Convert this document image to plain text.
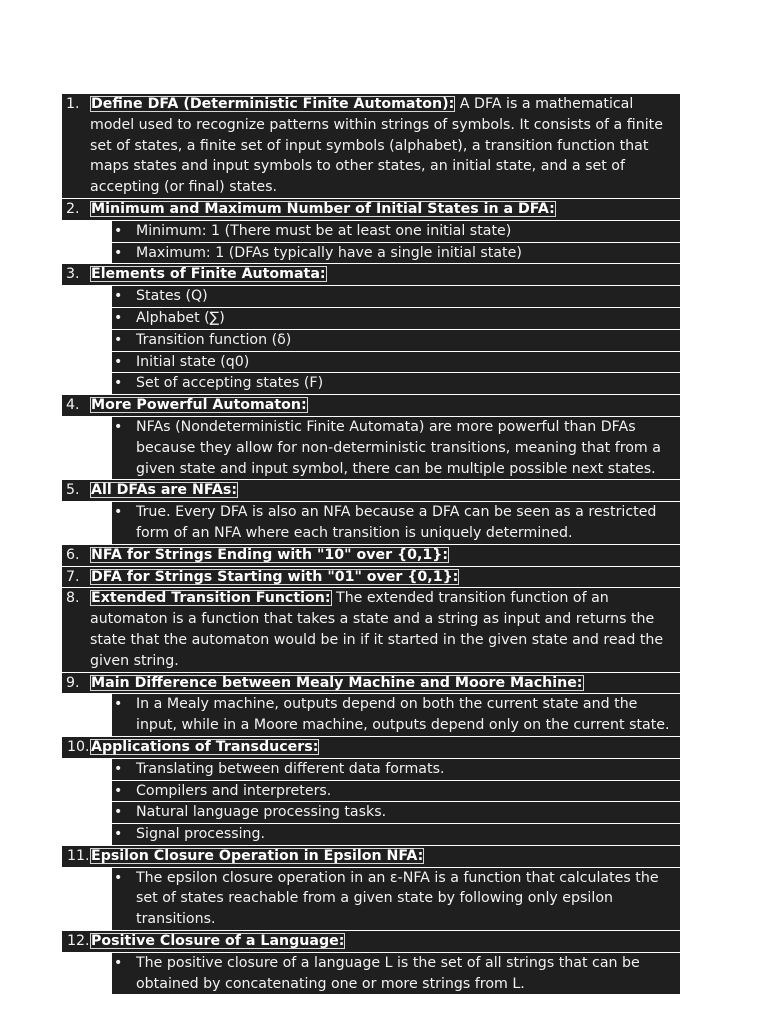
1. Define DFA (Deterministic Finite Automaton): A DFA is a mathematical model used to recognize patterns within strings of symbols. It consists of a finite set of states, a finite set of input symbols (alphabet), a transition function that maps states and input symbols to other states, an initial state, and a set of accepting (or final) states.
2. Minimum and Maximum Number of Initial States in a DFA:
• Minimum: 1 (There must be at least one initial state)
• Maximum: 1 (DFAs typically have a single initial state)
3. Elements of Finite Automata:
• States (Q)
• Alphabet (∑)
• Transition function (δ)
• Initial state (q0)
• Set of accepting states (F)
4. More Powerful Automaton:
• NFAs (Nondeterministic Finite Automata) are more powerful than DFAs because they allow for non-deterministic transitions, meaning that from a given state and input symbol, there can be multiple possible next states.
5. All DFAs are NFAs:
• True. Every DFA is also an NFA because a DFA can be seen as a restricted form of an NFA where each transition is uniquely determined.
6. NFA for Strings Ending with "10" over {0,1}:
7. DFA for Strings Starting with "01" over {0,1}:
8. Extended Transition Function: The extended transition function of an automaton is a function that takes a state and a string as input and returns the state that the automaton would be in if it started in the given state and read the given string.
9. Main Difference between Mealy Machine and Moore Machine:
• In a Mealy machine, outputs depend on both the current state and the input, while in a Moore machine, outputs depend only on the current state.
10. Applications of Transducers:
• Translating between different data formats.
• Compilers and interpreters.
• Natural language processing tasks.
• Signal processing.
11. Epsilon Closure Operation in Epsilon NFA:
• The epsilon closure operation in an ε-NFA is a function that calculates the set of states reachable from a given state by following only epsilon transitions.
12. Positive Closure of a Language:
• The positive closure of a language L is the set of all strings that can be obtained by concatenating one or more strings from L.
